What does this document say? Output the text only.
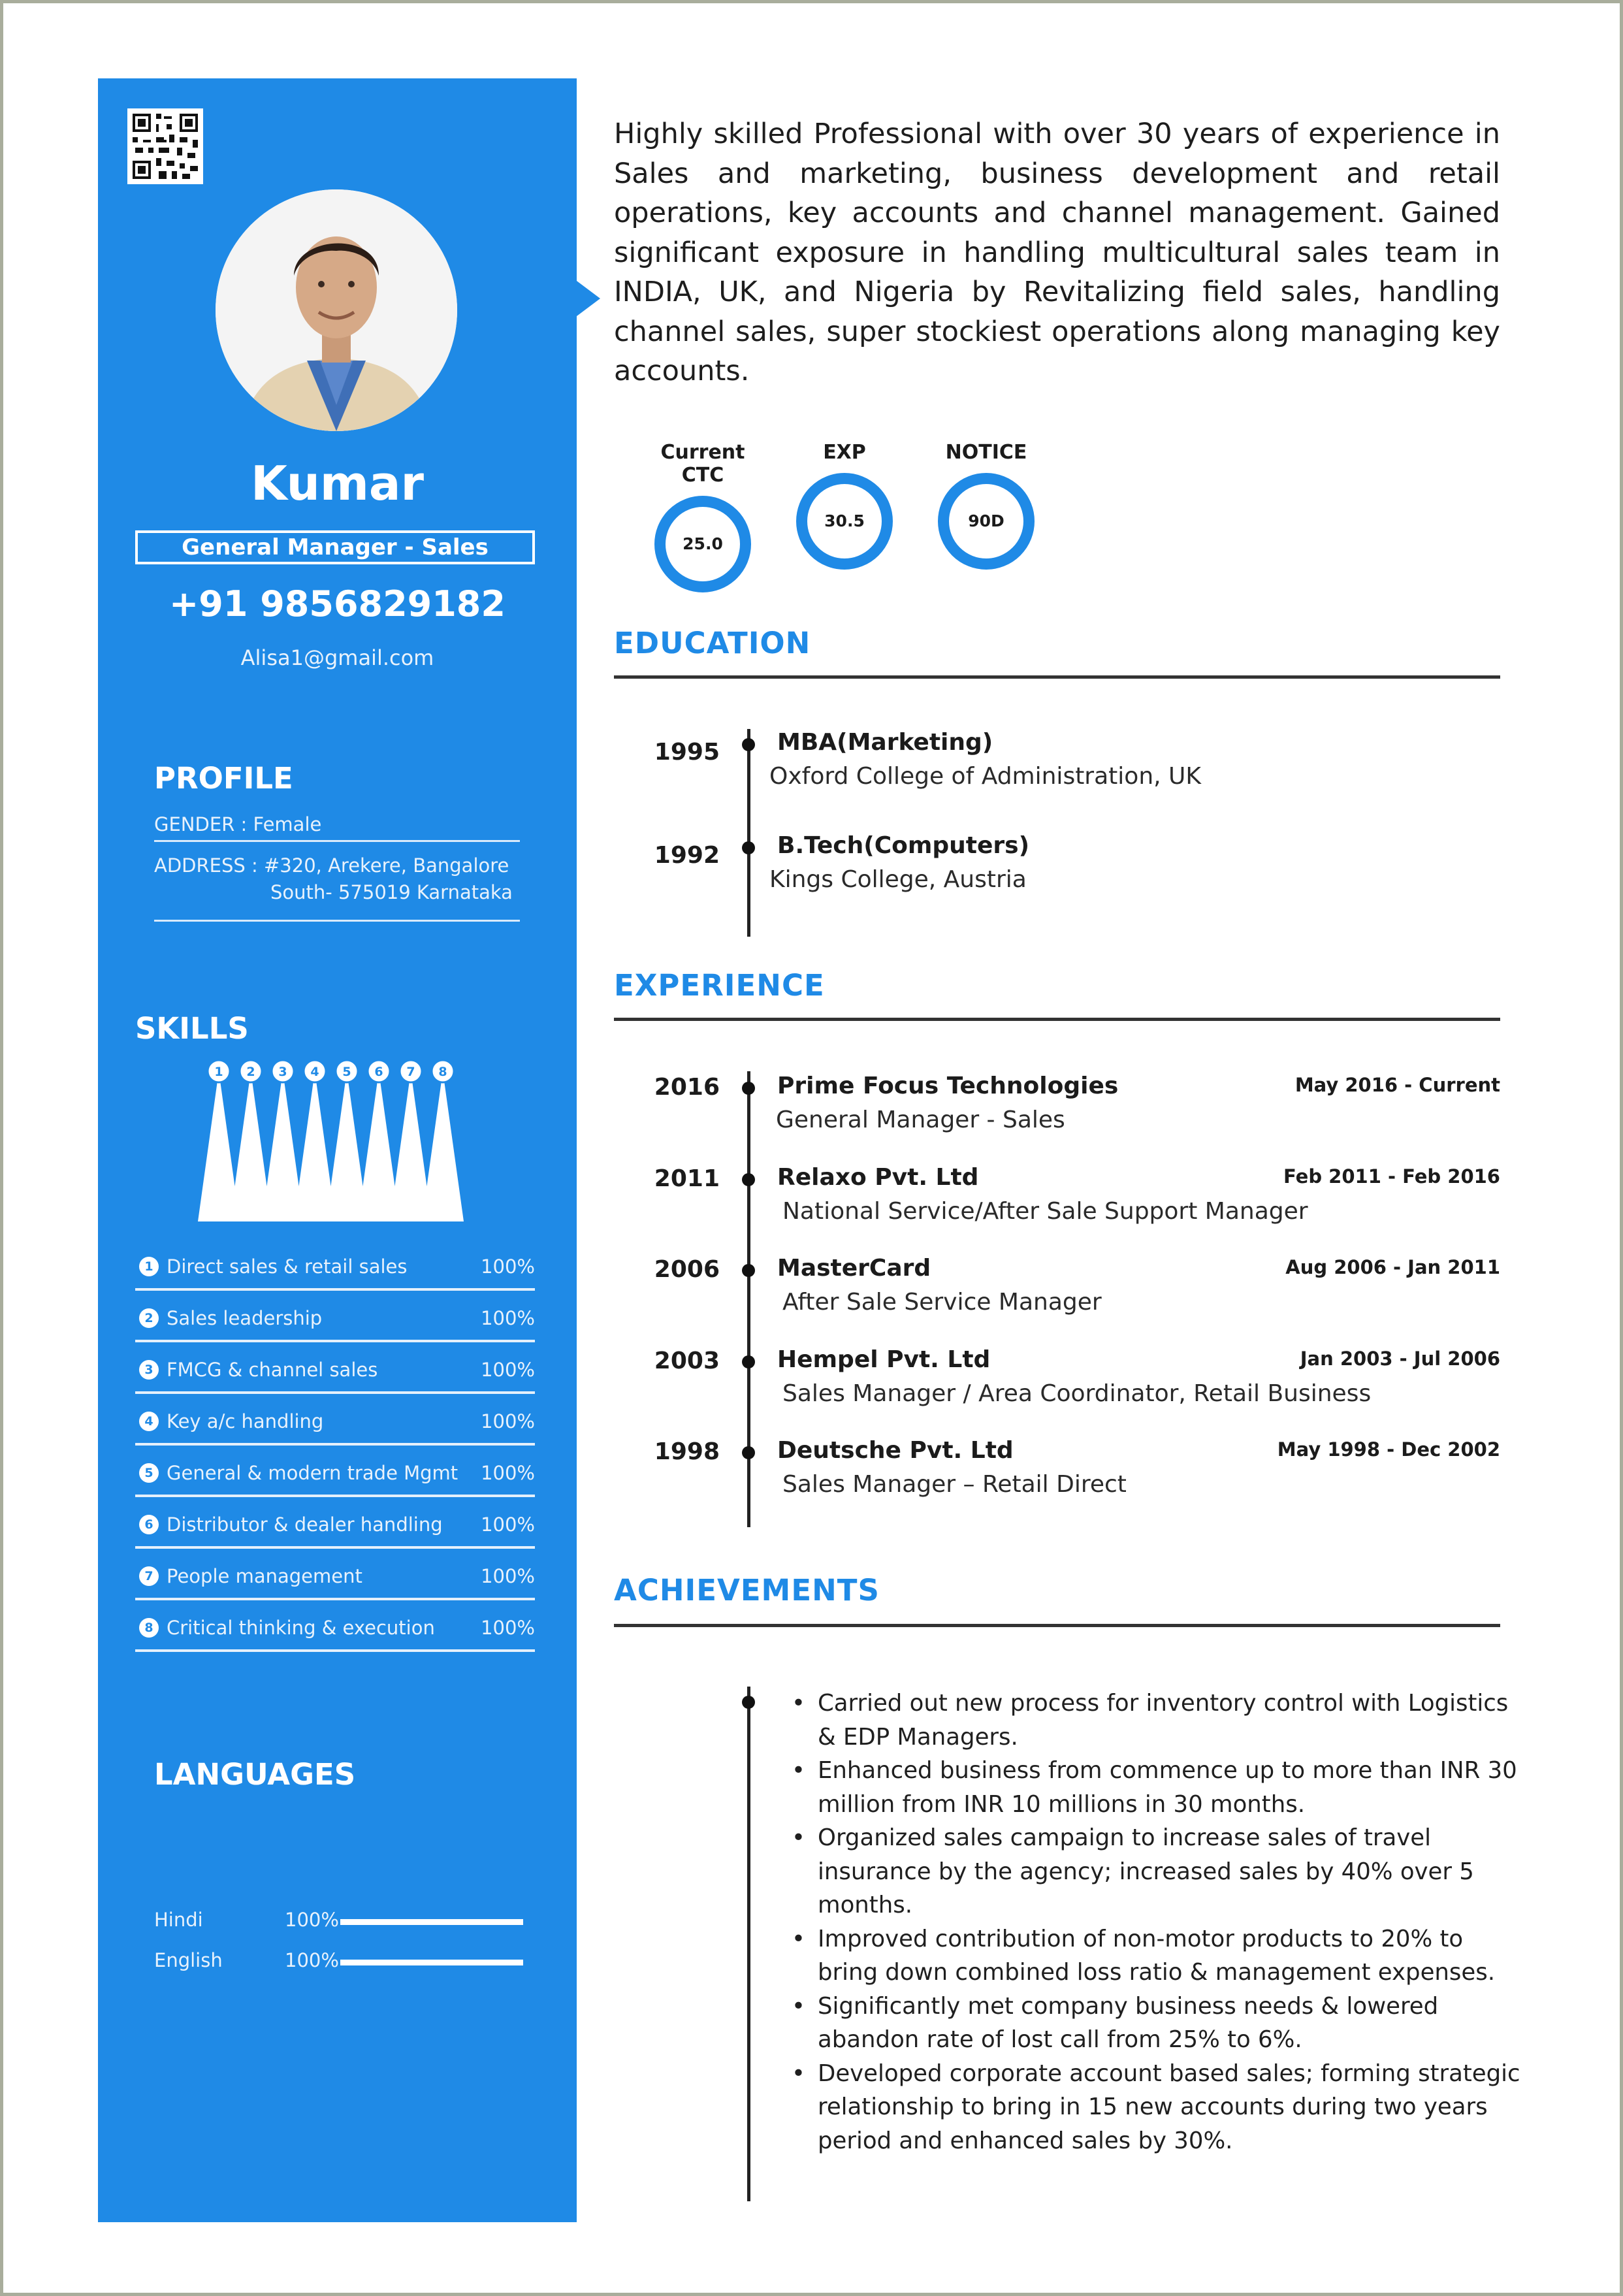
Kumar
General Manager - Sales
+91 9856829182
Alisa1@gmail.com
PROFILE
GENDER : Female
ADDRESS : #320, Arekere, Bangalore
South- 575019 Karnataka
SKILLS
1 2 3 4 5 6 7 8
1 Direct sales & retail sales	100%
2 Sales leadership	100%
3 FMCG & channel sales	100%
4 Key a/c handling	100%
5 General & modern trade Mgmt 100%
6 Distributor & dealer handling 100%
7 People management	100%
8 Critical thinking & execution 100%
LANGUAGES
Hindi	100%
English	100%
Highly skilled Professional with over 30 years of experience in Sales and marketing, business development and retail operations, key accounts and channel management. Gained significant exposure in handling multicultural sales team in INDIA, UK, and Nigeria by Revitalizing field sales, handling channel sales, super stockiest operations along managing key accounts.
Current CTC
25.0
EXP
30.5
NOTICE
90D
EDUCATION
1995 MBA(Marketing)
Oxford College of Administration, UK
1992 B.Tech(Computers)
Kings College, Austria
EXPERIENCE
2016 Prime Focus Technologies	May 2016 - Current
General Manager - Sales
2011 Relaxo Pvt. Ltd	Feb 2011 - Feb 2016
National Service/After Sale Support Manager
2006 MasterCard	Aug 2006 - Jan 2011
After Sale Service Manager
2003 Hempel Pvt. Ltd	Jan 2003 - Jul 2006
Sales Manager / Area Coordinator, Retail Business
1998 Deutsche Pvt. Ltd	May 1998 - Dec 2002
Sales Manager – Retail Direct
ACHIEVEMENTS
• Carried out new process for inventory control with Logistics & EDP Managers.
• Enhanced business from commence up to more than INR 30 million from INR 10 millions in 30 months.
• Organized sales campaign to increase sales of travel insurance by the agency; increased sales by 40% over 5 months.
• Improved contribution of non-motor products to 20% to bring down combined loss ratio & management expenses.
• Significantly met company business needs & lowered abandon rate of lost call from 25% to 6%.
• Developed corporate account based sales; forming strategic relationship to bring in 15 new accounts during two years period and enhanced sales by 30%.
